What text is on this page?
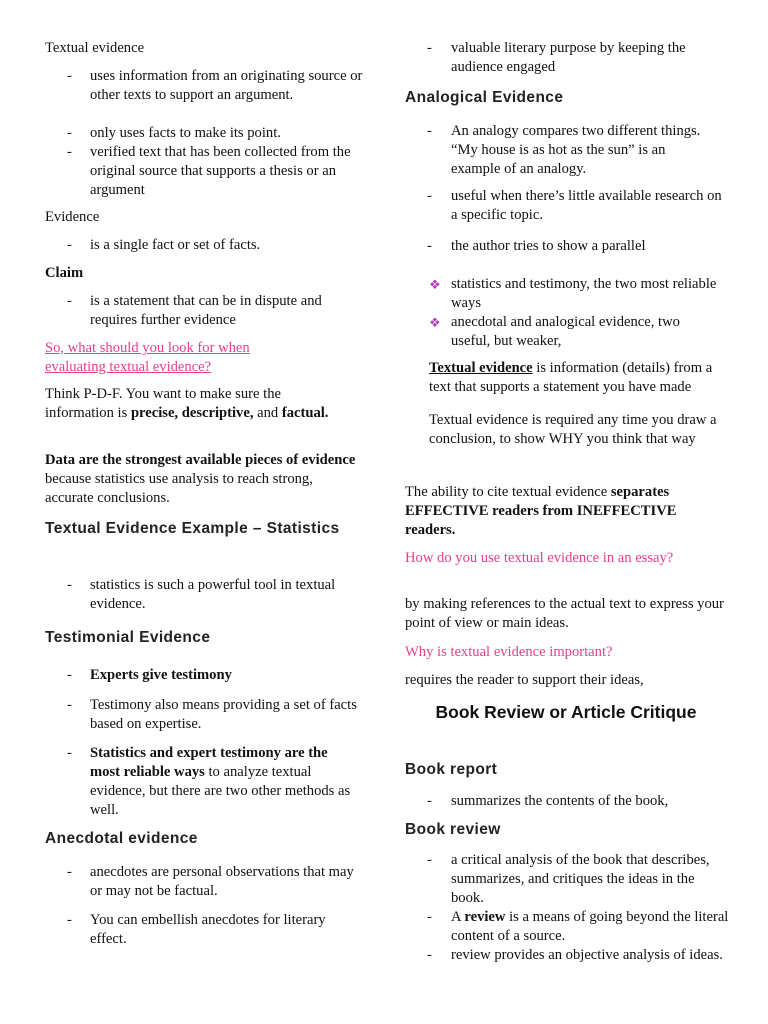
Textual evidence
- uses information from an originating source or other texts to support an argument.
- only uses facts to make its point.
- verified text that has been collected from the original source that supports a thesis or an argument
Evidence
- is a single fact or set of facts.
Claim
- is a statement that can be in dispute and requires further evidence
So, what should you look for when evaluating textual evidence?
Think P-D-F. You want to make sure the information is precise, descriptive, and factual.
Data are the strongest available pieces of evidence because statistics use analysis to reach strong, accurate conclusions.
Textual Evidence Example – Statistics
- statistics is such a powerful tool in textual evidence.
Testimonial Evidence
- Experts give testimony
- Testimony also means providing a set of facts based on expertise.
- Statistics and expert testimony are the most reliable ways to analyze textual evidence, but there are two other methods as well.
Anecdotal evidence
- anecdotes are personal observations that may or may not be factual.
- You can embellish anecdotes for literary effect.
- valuable literary purpose by keeping the audience engaged
Analogical Evidence
- An analogy compares two different things. “My house is as hot as the sun” is an example of an analogy.
- useful when there’s little available research on a specific topic.
- the author tries to show a parallel
❖ statistics and testimony, the two most reliable ways
❖ anecdotal and analogical evidence, two useful, but weaker,
Textual evidence is information (details) from a text that supports a statement you have made
Textual evidence is required any time you draw a conclusion, to show WHY you think that way
The ability to cite textual evidence separates EFFECTIVE readers from INEFFECTIVE readers.
How do you use textual evidence in an essay?
by making references to the actual text to express your point of view or main ideas.
Why is textual evidence important?
requires the reader to support their ideas,
Book Review or Article Critique
Book report
- summarizes the contents of the book,
Book review
- a critical analysis of the book that describes, summarizes, and critiques the ideas in the book.
- A review is a means of going beyond the literal content of a source.
- review provides an objective analysis of ideas.
